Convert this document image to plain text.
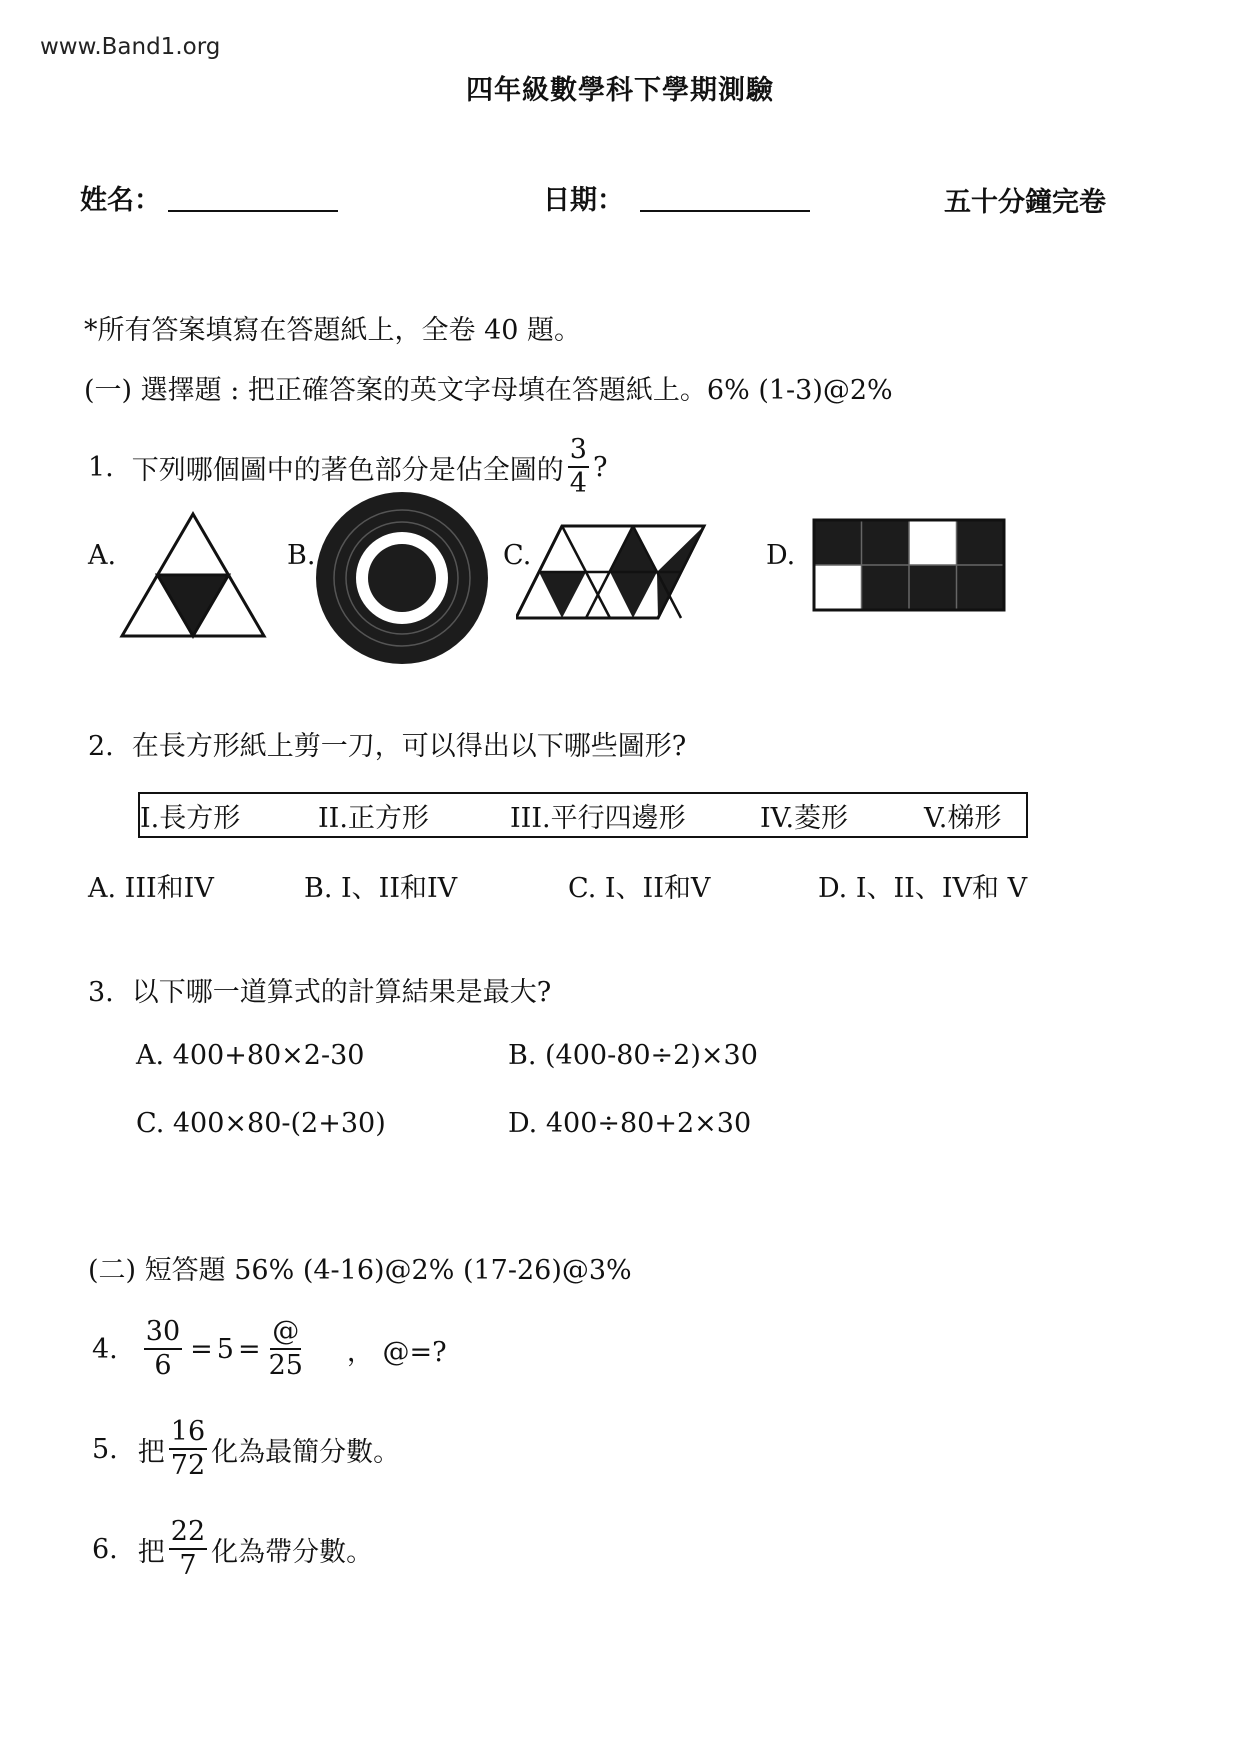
www.Band1.org
四年級數學科下學期測驗
姓名：	日期：	五十分鐘完卷
*所有答案填寫在答題紙上，全卷 40 題。
(一) 選擇題 : 把正確答案的英文字母填在答題紙上。6% (1-3)@2%
1. 下列哪個圖中的著色部分是佔全圖的 $\frac{3}{4}$ ?
A.	B.	C.	D.
2. 在長方形紙上剪一刀，可以得出以下哪些圖形?
I.長方形	II.正方形	III.平行四邊形	IV.菱形	V.梯形
A. III和IV	B. I、II和IV	C. I、II和V	D. I、II、IV和 V
3. 以下哪一道算式的計算結果是最大?
A. 400+80×2-30	B. (400-80÷2)×30
C. 400×80-(2+30)	D. 400÷80+2×30
(二) 短答題 56% (4-16)@2% (17-26)@3%
4. $\frac{30}{6} = 5 = \frac{@}{25}$ ， @=?
5. 把 $\frac{16}{72}$ 化為最簡分數。
6. 把 $\frac{22}{7}$ 化為帶分數。
